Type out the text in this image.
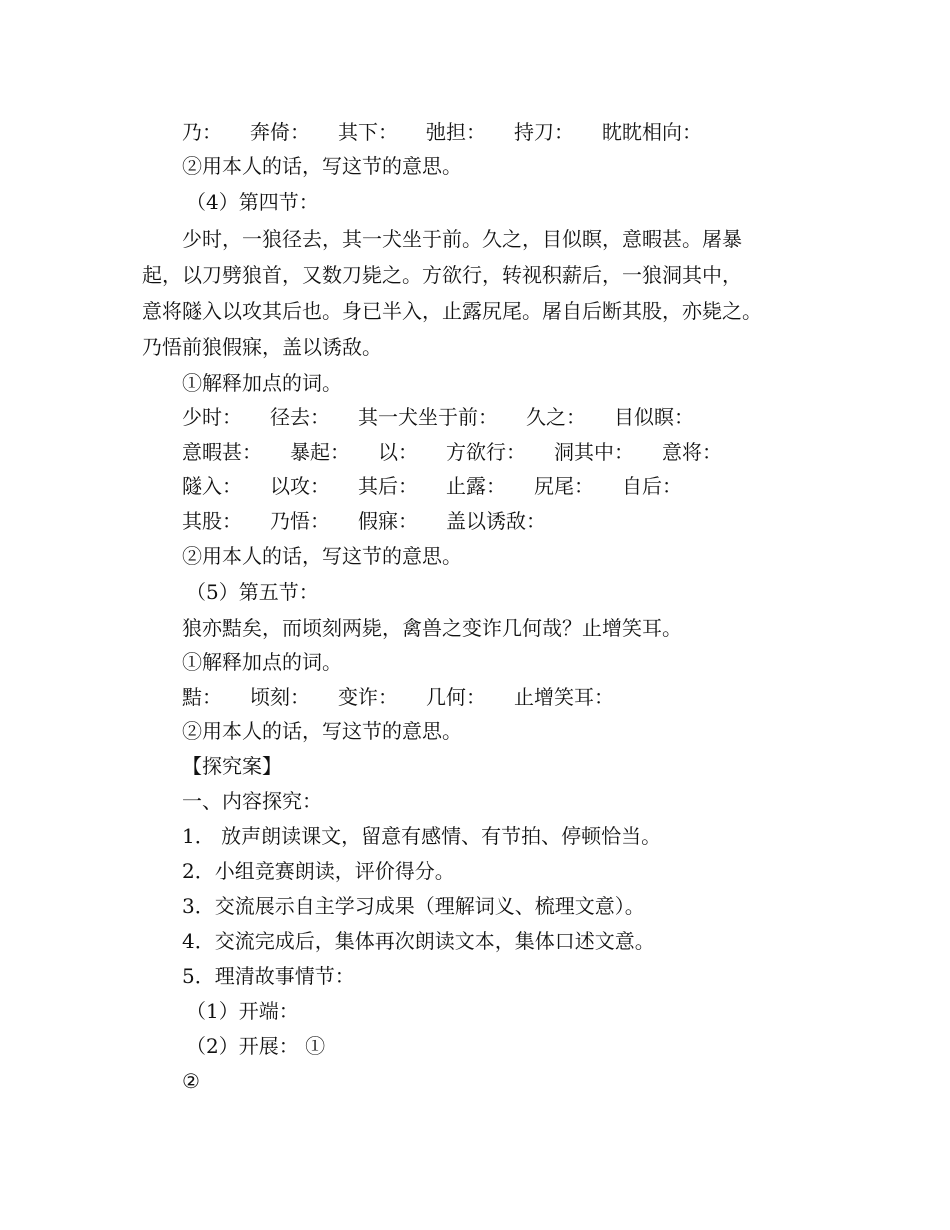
乃： 奔倚： 其下： 弛担： 持刀： 眈眈相向：
②用本人的话，写这节的意思。
（4）第四节：
少时，一狼径去，其一犬坐于前。久之，目似瞑，意暇甚。屠暴
起，以刀劈狼首，又数刀毙之。方欲行，转视积薪后，一狼洞其中，
意将隧入以攻其后也。身已半入，止露尻尾。屠自后断其股，亦毙之。
乃悟前狼假寐，盖以诱敌。
①解释加点的词。
少时： 径去： 其一犬坐于前： 久之： 目似瞑：
意暇甚： 暴起： 以： 方欲行： 洞其中： 意将：
隧入： 以攻： 其后： 止露： 尻尾： 自后：
其股： 乃悟： 假寐： 盖以诱敌：
②用本人的话，写这节的意思。
（5）第五节：
狼亦黠矣，而顷刻两毙，禽兽之变诈几何哉？止增笑耳。
①解释加点的词。
黠： 顷刻： 变诈： 几何： 止增笑耳：
②用本人的话，写这节的意思。
【探究案】
一、内容探究：
1． 放声朗读课文，留意有感情、有节拍、停顿恰当。
2．小组竞赛朗读，评价得分。
3．交流展示自主学习成果（理解词义、梳理文意）。
4．交流完成后，集体再次朗读文本，集体口述文意。
5．理清故事情节：
（1）开端：
（2）开展： ①
②
